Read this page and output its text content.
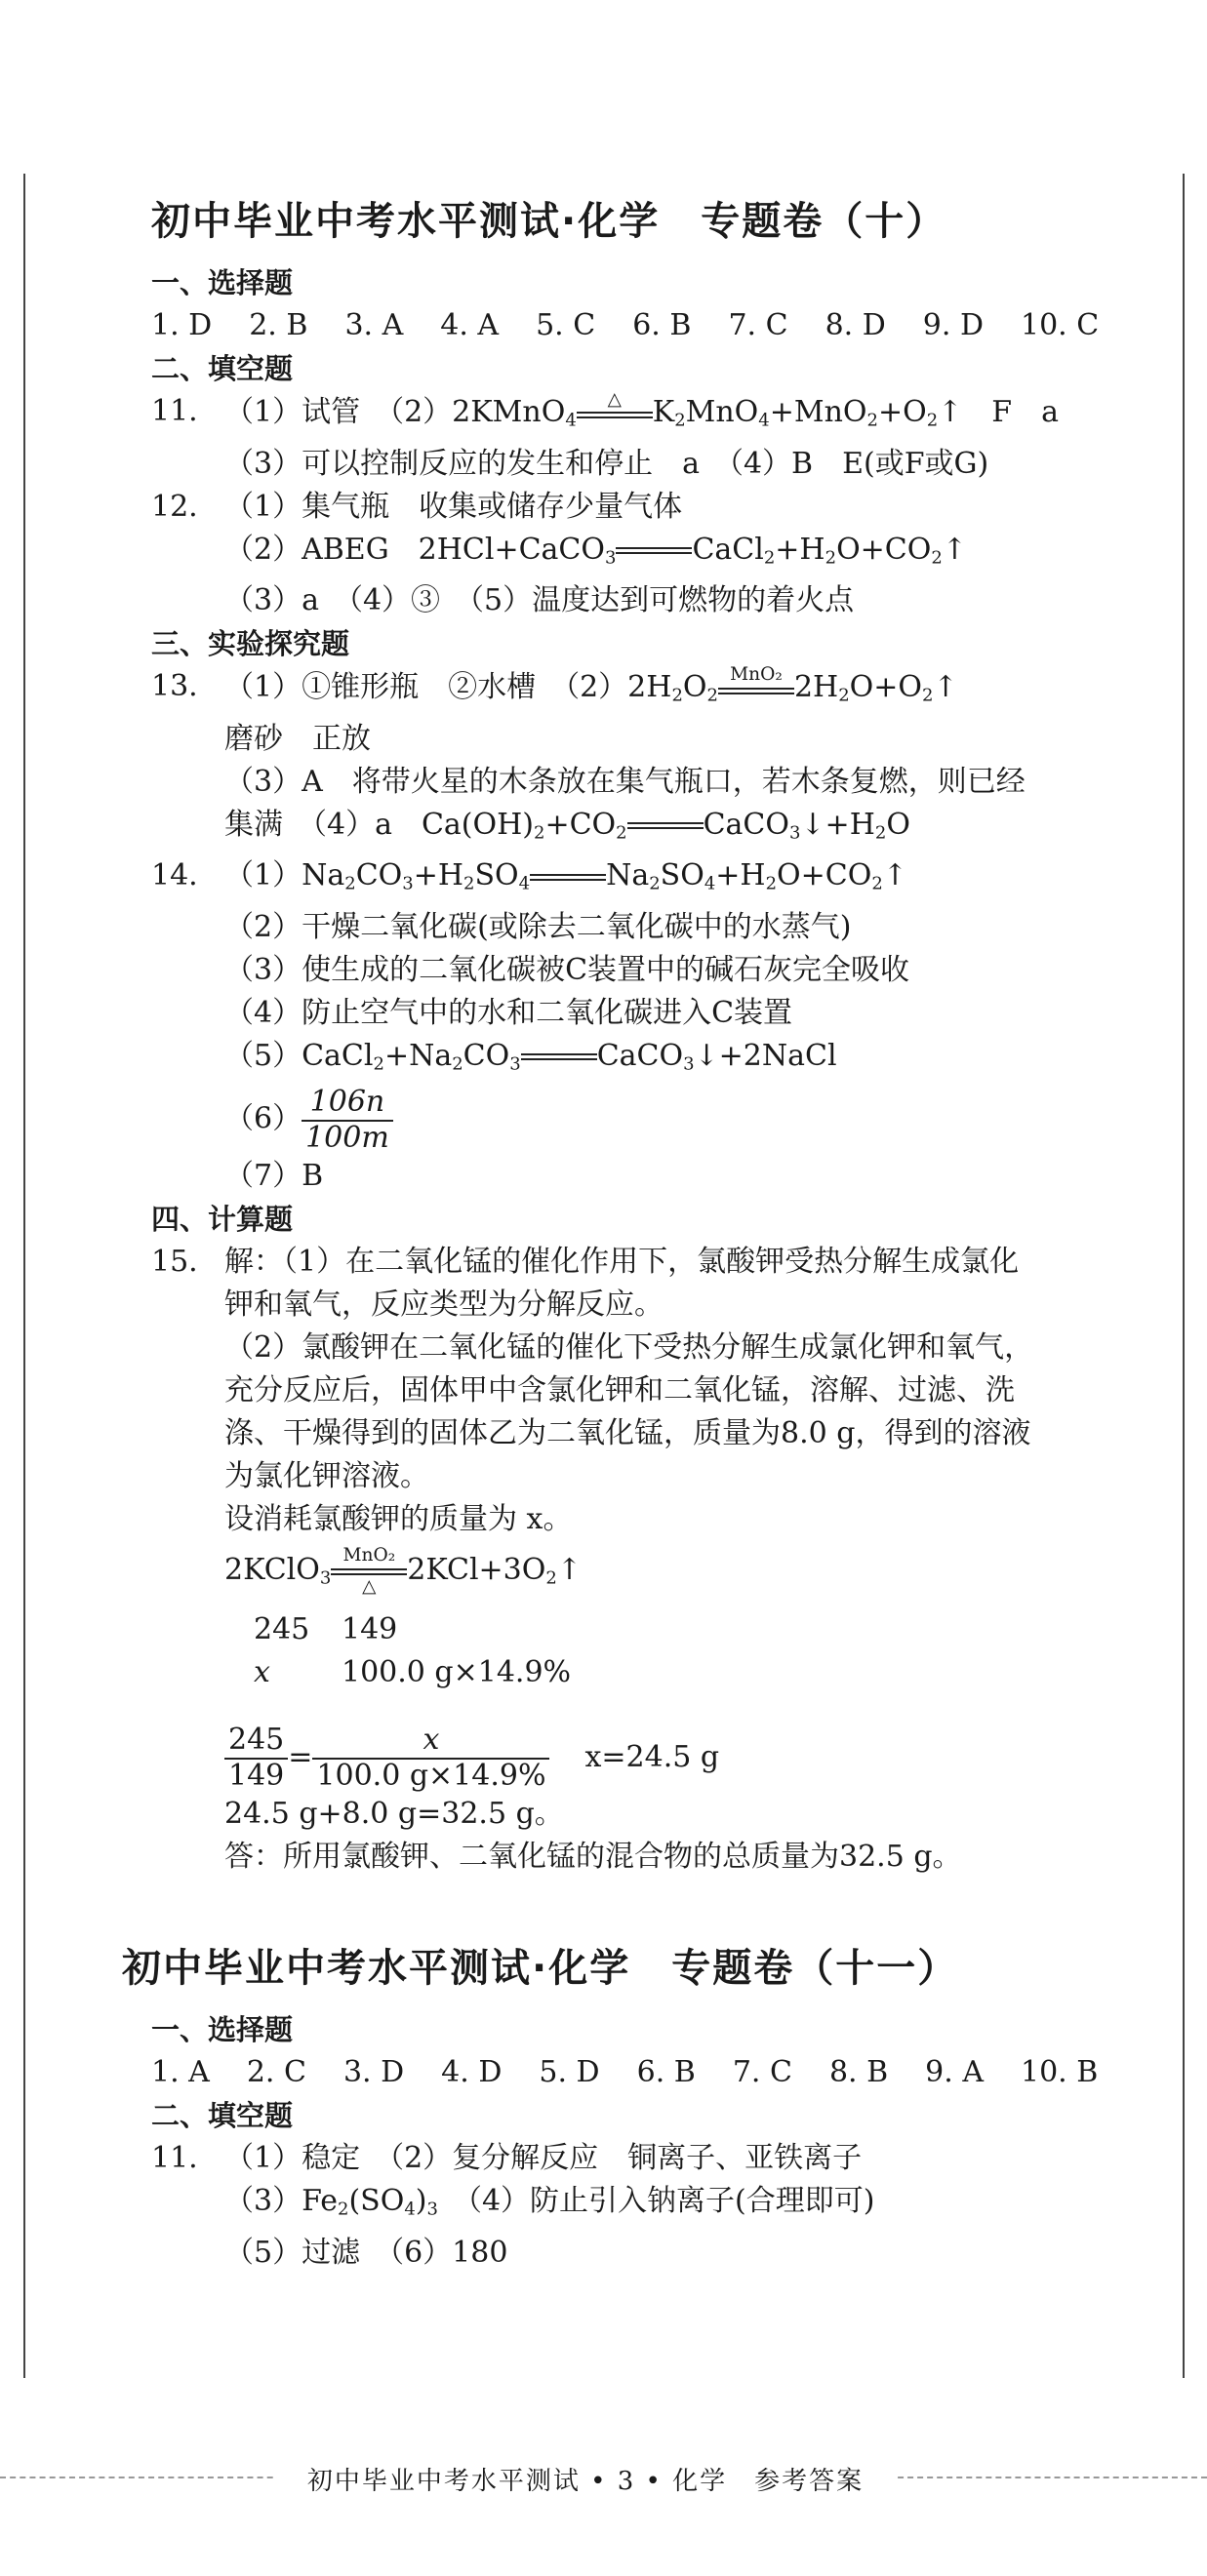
初中毕业中考水平测试·化学　专题卷（十）
一、选择题
1. D 2. B 3. A 4. A 5. C 6. B 7. C 8. D 9. D 10. C
二、填空题
11. （1）试管　（2）2KMnO$_4$
△	$K_2MnO_4+MnO_2+O_2↑$　F　a
（3）可以控制反应的发生和停止　a　（4）B　E(或F或G)
12. （1）集气瓶　收集或储存少量气体
（2）ABEG　2HCl+CaCO$_3$	$CaCl_2+H_2O+CO_2↑$
（3）a　（4）③　（5）温度达到可燃物的着火点
三、实验探究题
13. （1）①锥形瓶　②水槽　$(2)2H_2O_2$
MnO₂ $2H_2O+O_2↑$
磨砂　正放
（3）A　将带火星的木条放在集气瓶口，若木条复燃，则已经
集满　（4）a　$Ca(OH)_2+CO_2$	$CaCO_3↓+H_2O$
14. $(1)Na_2CO_3+H_2SO_4$	$Na_2SO_4+H_2O+CO_2↑$
（2）干燥二氧化碳(或除去二氧化碳中的水蒸气)
（3）使生成的二氧化碳被C装置中的碱石灰完全吸收
（4）防止空气中的水和二氧化碳进入C装置
$(5)CaCl_2+Na_2CO_3$	CaCO$_3$↓+2NaCl
$(6) \frac{106n}{100m}$
（7）B
四、计算题
15. 解：（1）在二氧化锰的催化作用下，氯酸钾受热分解生成氯化
钾和氧气，反应类型为分解反应。
（2）氯酸钾在二氧化锰的催化下受热分解生成氯化钾和氧气，
充分反应后，固体甲中含氯化钾和二氧化锰，溶解、过滤、洗
涤、干燥得到的固体乙为二氧化锰，质量为8.0 g，得到的溶液
为氯化钾溶液。
设消耗氯酸钾的质量为 x。
2KClO$_3$
MnO₂
△	$2KCl+3O_2↑$
245 149
x 100.0 g×14.9%
$\frac{245}{149} = \frac{x}{100.0 g\times 14.9\%} x=24.5$ g
24.5 g+8.0 g=32.5 g。
答：所用氯酸钾、二氧化锰的混合物的总质量为32.5 g。
初中毕业中考水平测试·化学　专题卷（十一）
一、选择题
1. A 2. C 3. D 4. D 5. D 6. B 7. C 8. B 9. A 10. B
二、填空题
11. （1）稳定　（2）复分解反应　铜离子、亚铁离子
$(3)Fe_2(SO_4)_3$　（4）防止引入钠离子(合理即可)
（5）过滤　（6）180
初中毕业中考水平测试 • 3 • 化学　参考答案
